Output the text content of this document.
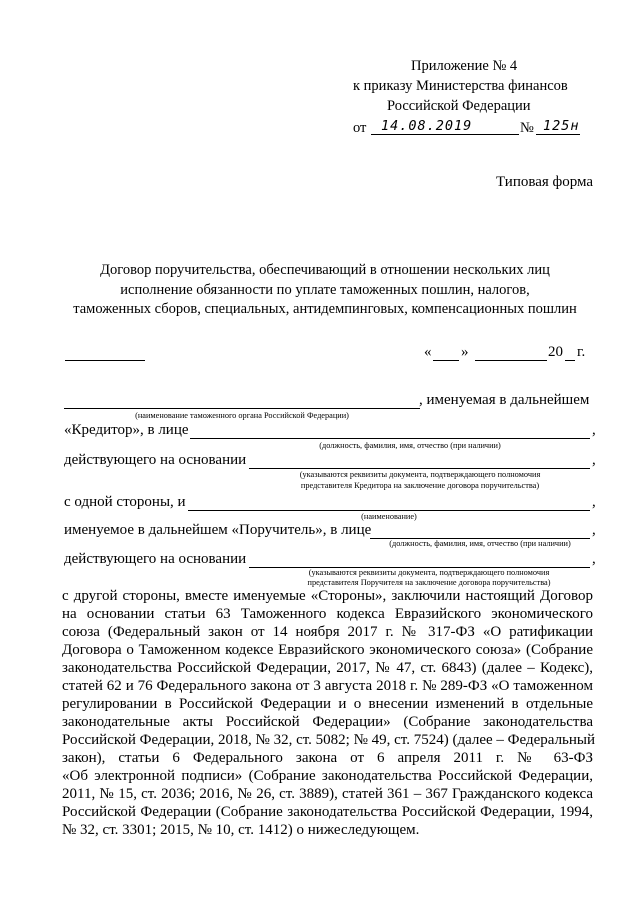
Приложение № 4
к приказу Министерства финансов
Российской Федерации
от 14.08.2019	№ 125н
Типовая форма
Договор поручительства, обеспечивающий в отношении нескольких лиц
исполнение обязанности по уплате таможенных пошлин, налогов,
таможенных сборов, специальных, антидемпинговых, компенсационных пошлин
« »	20 г.
, именуемая в дальнейшем
(наименование таможенного органа Российской Федерации)
«Кредитор», в лице	,
(должность, фамилия, имя, отчество (при наличии)
действующего на основании	,
(указываются реквизиты документа, подтверждающего полномочия
представителя Кредитора на заключение договора поручительства)
с одной стороны, и	,
(наименование)
именуемое в дальнейшем «Поручитель», в лице	,
(должность, фамилия, имя, отчество (при наличии)
действующего на основании	,
(указываются реквизиты документа, подтверждающего полномочия
представителя Поручителя на заключение договора поручительства)
с другой стороны, вместе именуемые «Стороны», заключили настоящий Договор
на основании статьи 63 Таможенного кодекса Евразийского экономического
союза (Федеральный закон от 14 ноября 2017 г. № 317-ФЗ «О ратификации
Договора о Таможенном кодексе Евразийского экономического союза» (Собрание
законодательства Российской Федерации, 2017, № 47, ст. 6843) (далее – Кодекс),
статей 62 и 76 Федерального закона от 3 августа 2018 г. № 289-ФЗ «О таможенном
регулировании в Российской Федерации и о внесении изменений в отдельные
законодательные акты Российской Федерации» (Собрание законодательства
Российской Федерации, 2018, № 32, ст. 5082; № 49, ст. 7524) (далее – Федеральный
закон), статьи 6 Федерального закона от 6 апреля 2011 г. № 63-ФЗ
«Об электронной подписи» (Собрание законодательства Российской Федерации,
2011, № 15, ст. 2036; 2016, № 26, ст. 3889), статей 361 – 367 Гражданского кодекса
Российской Федерации (Собрание законодательства Российской Федерации, 1994,
№ 32, ст. 3301; 2015, № 10, ст. 1412) о нижеследующем.
